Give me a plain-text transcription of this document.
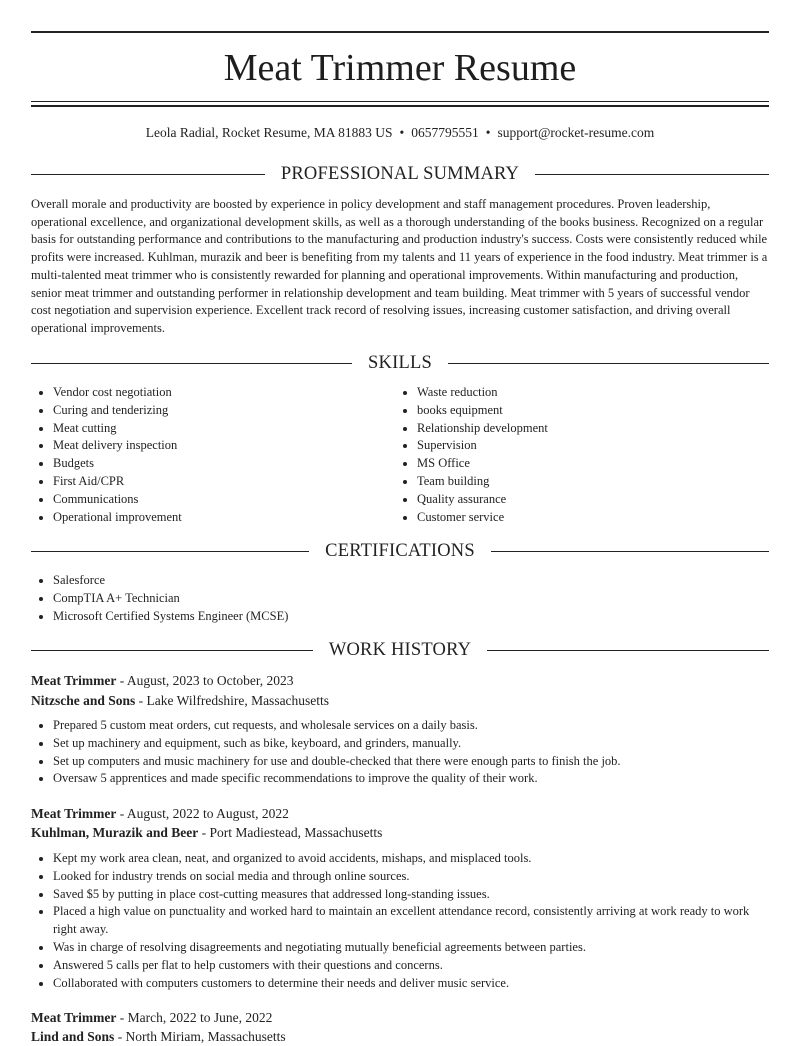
Meat Trimmer Resume
Leola Radial, Rocket Resume, MA 81883 US • 0657795551 • support@rocket-resume.com
PROFESSIONAL SUMMARY

Overall morale and productivity are boosted by experience in policy development and staff management procedures. Proven leadership, operational excellence, and organizational development skills, as well as a thorough understanding of the books business. Recognized on a regular basis for outstanding performance and contributions to the manufacturing and production industry's success. Costs were consistently reduced while profits were increased. Kuhlman, murazik and beer is benefiting from my talents and 11 years of experience in the food industry. Meat trimmer is a multi-talented meat trimmer who is consistently rewarded for planning and operational improvements. Within manufacturing and production, senior meat trimmer and outstanding performer in relationship development and team building. Meat trimmer with 5 years of successful vendor cost negotiation and supervision experience. Excellent track record of resolving issues, increasing customer satisfaction, and driving overall operational improvements.

SKILLS
• Vendor cost negotiation
• Curing and tenderizing
• Meat cutting
• Meat delivery inspection
• Budgets
• First Aid/CPR
• Communications
• Operational improvement
• Waste reduction
• books equipment
• Relationship development
• Supervision
• MS Office
• Team building
• Quality assurance
• Customer service
CERTIFICATIONS
• Salesforce
• CompTIA A+ Technician
• Microsoft Certified Systems Engineer (MCSE)
WORK HISTORY
Meat Trimmer - August, 2023 to October, 2023
Nitzsche and Sons - Lake Wilfredshire, Massachusetts
• Prepared 5 custom meat orders, cut requests, and wholesale services on a daily basis.
• Set up machinery and equipment, such as bike, keyboard, and grinders, manually.
• Set up computers and music machinery for use and double-checked that there were enough parts to finish the job.
• Oversaw 5 apprentices and made specific recommendations to improve the quality of their work.
Meat Trimmer - August, 2022 to August, 2022
Kuhlman, Murazik and Beer - Port Madiestead, Massachusetts
• Kept my work area clean, neat, and organized to avoid accidents, mishaps, and misplaced tools.
• Looked for industry trends on social media and through online sources.
• Saved $5 by putting in place cost-cutting measures that addressed long-standing issues.
• Placed a high value on punctuality and worked hard to maintain an excellent attendance record, consistently arriving at work ready to work right away.
• Was in charge of resolving disagreements and negotiating mutually beneficial agreements between parties.
• Answered 5 calls per flat to help customers with their questions and concerns.
• Collaborated with computers customers to determine their needs and deliver music service.
Meat Trimmer - March, 2022 to June, 2022
Lind and Sons - North Miriam, Massachusetts
